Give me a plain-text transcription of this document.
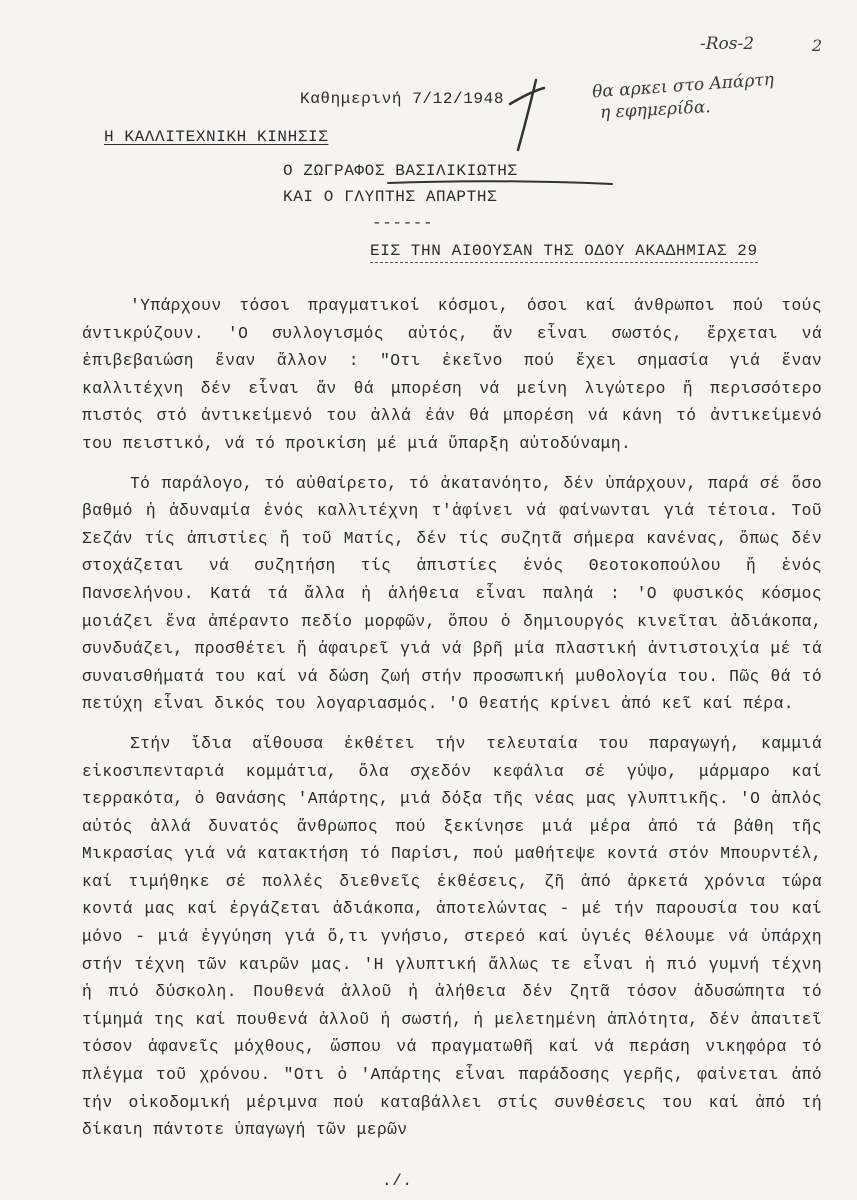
-Ros-2	2
θα αρκει στο Απάρτη
η εφημερίδα.
Καθημερινή 7/12/1948
Η ΚΑΛΛΙΤΕΧΝΙΚΗ ΚΙΝΗΣΙΣ
Ο ΖΩΓΡΑΦΟΣ ΒΑΣΙΛΙΚΙΩΤΗΣ
ΚΑΙ Ο ΓΛΥΠΤΗΣ ΑΠΑΡΤΗΣ
------
ΕΙΣ ΤΗΝ ΑΙΘΟΥΣΑΝ ΤΗΣ ΟΔΟΥ ΑΚΑΔΗΜΙΑΣ 29

'Υπάρχουν τόσοι πραγματικοί κόσμοι, όσοι καί άνθρωποι πού τούς άντικρύζουν. 'Ο συλλογισμός αὐτός, ἄν εἶναι σωστός, ἔρχεται νά ἐπιβεβαιώση ἕναν ἄλλον : "Οτι ἐκεῖνο πού ἔχει σημασία γιά ἕναν καλλιτέχνη δέν εἶναι ἄν θά μπορέση νά μείνη λιγώτερο ἤ περισσότερο πιστός στό ἀντικείμενό του ἀλλά ἐάν θά μπορέση νά κάνη τό ἀντικείμενό του πειστικό, νά τό προικίση μέ μιά ὕπαρξη αὐτοδύναμη.

Τό παράλογο, τό αὐθαίρετο, τό ἀκατανόητο, δέν ὑπάρχουν, παρά σέ ὅσο βαθμό ἡ ἀδυναμία ἑνός καλλιτέχνη τ'ἀφίνει νά φαίνωνται γιά τέτοια. Τοῦ Σεζάν τίς ἀπιστίες ἤ τοῦ Ματίς, δέν τίς συζητᾶ σήμερα κανένας, ὅπως δέν στοχάζεται νά συζητήση τίς ἀπιστίες ἑνός Θεοτοκοπούλου ἤ ἑνός Πανσελήνου. Κατά τά ἄλλα ἡ ἀλήθεια εἶναι παληά : 'Ο φυσικός κόσμος μοιάζει ἕνα ἀπέραντο πεδίο μορφῶν, ὅπου ὁ δημιουργός κινεῖται ἀδιάκοπα, συνδυάζει, προσθέτει ἤ ἀφαιρεῖ γιά νά βρῆ μία πλαστική ἀντιστοιχία μέ τά συναισθήματά του καί νά δώση ζωή στήν προσωπική μυθολογία του. Πῶς θά τό πετύχη εἶναι δικός του λογαριασμός. 'Ο θεατής κρίνει ἀπό κεῖ καί πέρα.

Στήν ἴδια αἴθουσα ἐκθέτει τήν τελευταία του παραγωγή, καμμιά εἰκοσιπενταριά κομμάτια, ὅλα σχεδόν κεφάλια σέ γύψο, μάρμαρο καί τερρακότα, ὁ Θανάσης 'Απάρτης, μιά δόξα τῆς νέας μας γλυπτικῆς. 'Ο ἁπλός αὐτός ἀλλά δυνατός ἄνθρωπος πού ξεκίνησε μιά μέρα ἀπό τά βάθη τῆς Μικρασίας γιά νά κατακτήση τό Παρίσι, πού μαθήτεψε κοντά στόν Μπουρντέλ, καί τιμήθηκε σέ πολλές διεθνεῖς ἐκθέσεις, ζῆ ἀπό ἀρκετά χρόνια τώρα κοντά μας καί ἐργάζεται ἀδιάκοπα, ἀποτελώντας - μέ τήν παρουσία του καί μόνο - μιά ἐγγύηση γιά ὅ,τι γνήσιο, στερεό καί ὑγιές θέλουμε νά ὑπάρχη στήν τέχνη τῶν καιρῶν μας. 'Η γλυπτική ἄλλως τε εἶναι ἡ πιό γυμνή τέχνη ἡ πιό δύσκολη. Πουθενά ἀλλοῦ ἡ ἀλήθεια δέν ζητᾶ τόσον ἀδυσώπητα τό τίμημά της καί πουθενά ἀλλοῦ ἡ σωστή, ἡ μελετημένη ἁπλότητα, δέν ἀπαιτεῖ τόσον ἀφανεῖς μόχθους, ὥσπου νά πραγματωθῆ καί νά περάση νικηφόρα τό πλέγμα τοῦ χρόνου. "Οτι ὁ 'Απάρτης εἶναι παράδοσης γερῆς, φαίνεται ἀπό τήν οἰκοδομική μέριμνα πού καταβάλλει στίς συνθέσεις του καί ἀπό τή δίκαιη πάντοτε ὑπαγωγή τῶν μερῶν

./.
